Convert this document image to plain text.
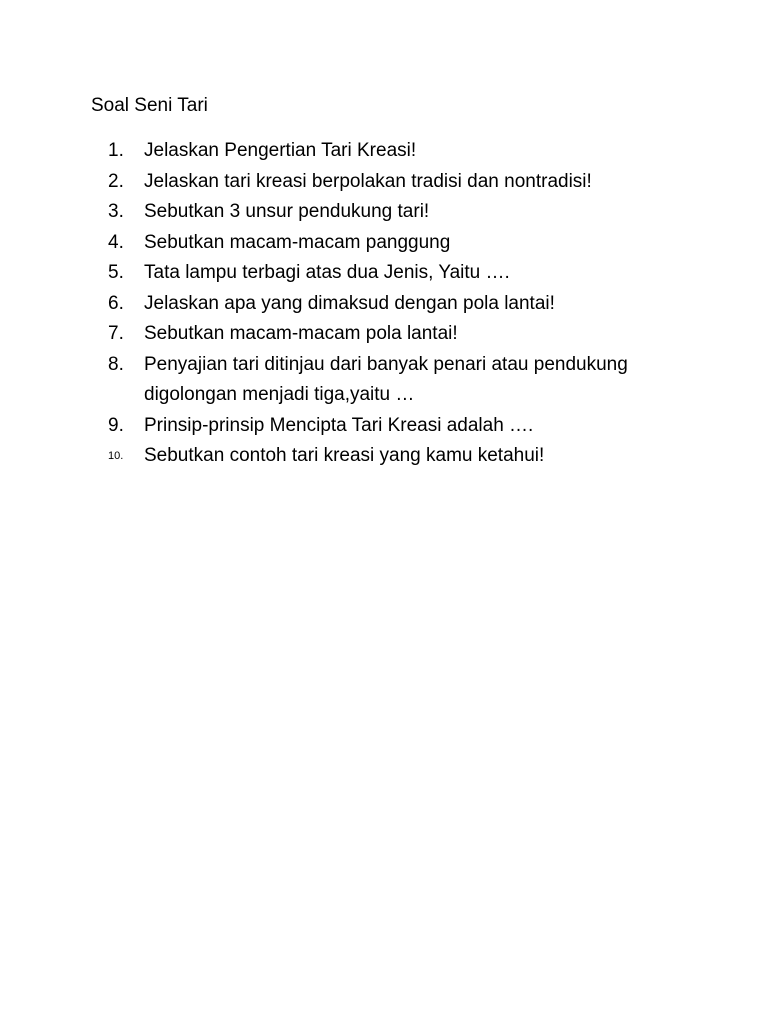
Soal Seni Tari
1. Jelaskan Pengertian Tari Kreasi!
2. Jelaskan tari kreasi berpolakan tradisi dan nontradisi!
3. Sebutkan 3 unsur pendukung tari!
4. Sebutkan macam-macam panggung
5. Tata lampu terbagi atas dua Jenis, Yaitu ….
6. Jelaskan apa yang dimaksud dengan pola lantai!
7. Sebutkan macam-macam pola lantai!
8. Penyajian tari ditinjau dari banyak penari atau pendukung digolongan menjadi tiga,yaitu …
9. Prinsip-prinsip Mencipta Tari Kreasi adalah ….
10. Sebutkan contoh tari kreasi yang kamu ketahui!
